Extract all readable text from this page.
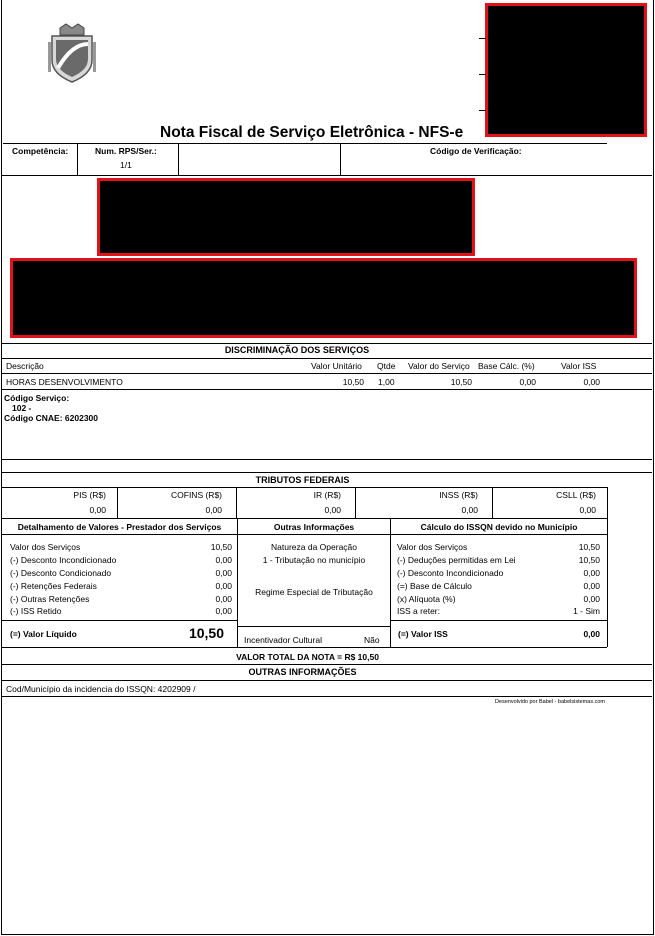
Nota Fiscal de Serviço Eletrônica - NFS-e
Competência:	Num. RPS/Ser.:
1/1
Código de Verificação:
DISCRIMINAÇÃO DOS SERVIÇOS
Descrição	Valor Unitário Qtde Valor do Serviço Base Cálc. (%)	Valor ISS
HORAS DESENVOLVIMENTO	10,50 1,00	10,50	0,00	0,00
Código Serviço:
102 -
Código CNAE: 6202300
TRIBUTOS FEDERAIS
PIS (R$)
0,00
COFINS (R$)
0,00
IR (R$)
0,00
INSS (R$)
0,00
CSLL (R$)
0,00
Detalhamento de Valores - Prestador dos Serviços	Outras Informações	Cálculo do ISSQN devido no Município
Valor dos Serviços	10,50
(-) Desconto Incondicionado	0,00
(-) Desconto Condicionado	0,00
(-) Retenções Federais	0,00
(-) Outras Retenções	0,00
(-) ISS Retido	0,00
(=) Valor Líquido	10,50
Natureza da Operação
1 - Tributação no município
Regime Especial de Tributação
Incentivador Cultural	Não
Valor dos Serviços	10,50
(-) Deduções permitidas em Lei	10,50
(-) Desconto Incondicionado	0,00
(=) Base de Cálculo	0,00
(x) Alíquota (%)	0,00
ISS a reter:	1 - Sim
(=) Valor ISS	0,00
VALOR TOTAL DA NOTA = R$ 10,50
OUTRAS INFORMAÇÕES
Cod/Município da incidencia do ISSQN: 4202909 /
Desenvolvido por Babel - babelsistemas.com
